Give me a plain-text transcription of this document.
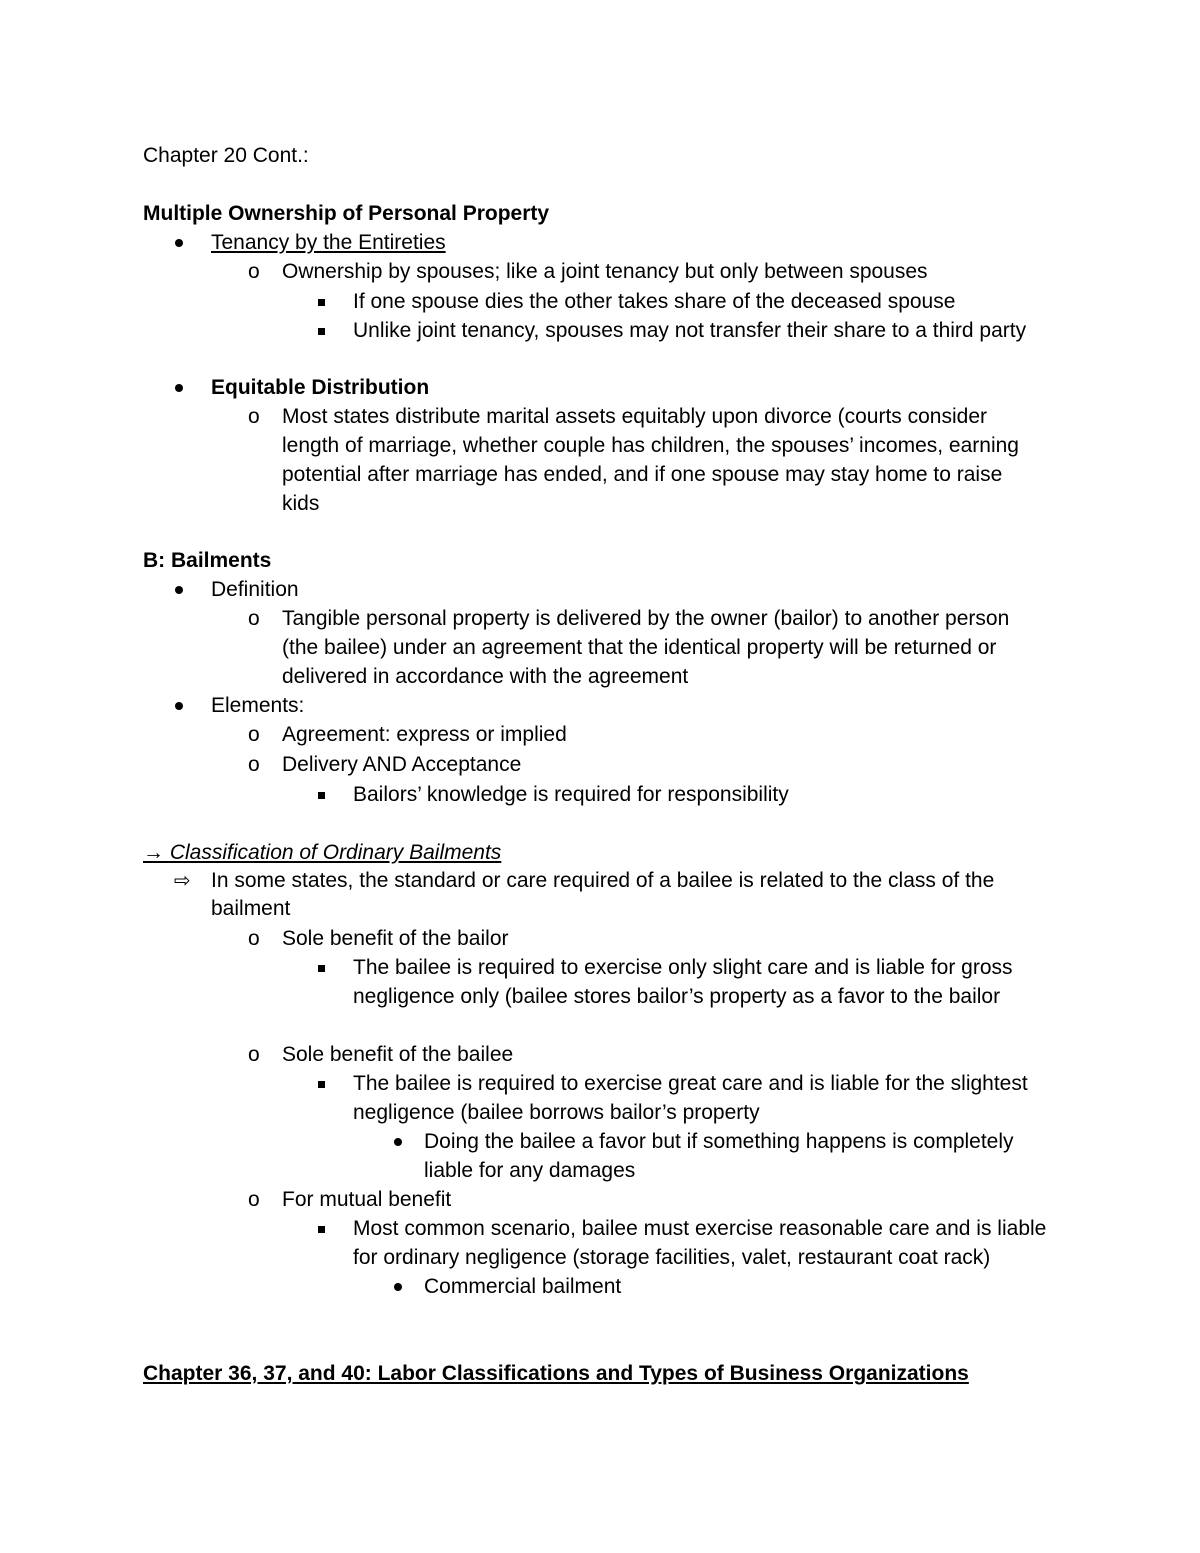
Chapter 20 Cont.:
Multiple Ownership of Personal Property
Tenancy by the Entireties
o Ownership by spouses; like a joint tenancy but only between spouses
If one spouse dies the other takes share of the deceased spouse
Unlike joint tenancy, spouses may not transfer their share to a third party
Equitable Distribution
o Most states distribute marital assets equitably upon divorce (courts consider
length of marriage, whether couple has children, the spouses’ incomes, earning
potential after marriage has ended, and if one spouse may stay home to raise
kids
B: Bailments
Definition
o Tangible personal property is delivered by the owner (bailor) to another person
(the bailee) under an agreement that the identical property will be returned or
delivered in accordance with the agreement
Elements:
o Agreement: express or implied
o Delivery AND Acceptance
Bailors’ knowledge is required for responsibility
→ Classification of Ordinary Bailments
⇨ In some states, the standard or care required of a bailee is related to the class of the
bailment
o Sole benefit of the bailor
The bailee is required to exercise only slight care and is liable for gross
negligence only (bailee stores bailor’s property as a favor to the bailor
o Sole benefit of the bailee
The bailee is required to exercise great care and is liable for the slightest
negligence (bailee borrows bailor’s property
Doing the bailee a favor but if something happens is completely
liable for any damages
o For mutual benefit
Most common scenario, bailee must exercise reasonable care and is liable
for ordinary negligence (storage facilities, valet, restaurant coat rack)
Commercial bailment
Chapter 36, 37, and 40: Labor Classifications and Types of Business Organizations
